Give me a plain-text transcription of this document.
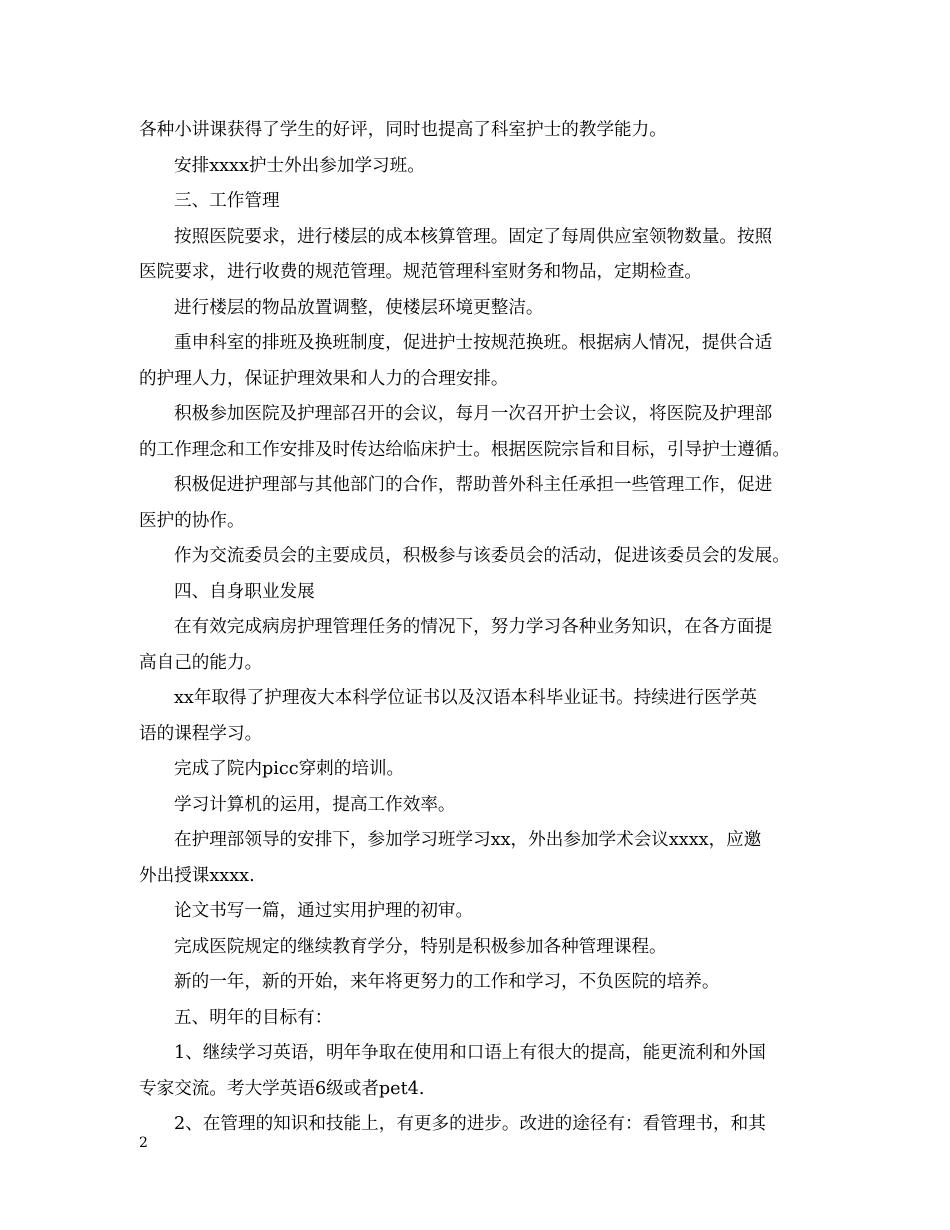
各种小讲课获得了学生的好评，同时也提高了科室护士的教学能力。
安排xxxx护士外出参加学习班。
三、工作管理
按照医院要求，进行楼层的成本核算管理。固定了每周供应室领物数量。按照
医院要求，进行收费的规范管理。规范管理科室财务和物品，定期检查。
进行楼层的物品放置调整，使楼层环境更整洁。
重申科室的排班及换班制度，促进护士按规范换班。根据病人情况，提供合适
的护理人力，保证护理效果和人力的合理安排。
积极参加医院及护理部召开的会议，每月一次召开护士会议，将医院及护理部
的工作理念和工作安排及时传达给临床护士。根据医院宗旨和目标，引导护士遵循。
积极促进护理部与其他部门的合作，帮助普外科主任承担一些管理工作，促进
医护的协作。
作为交流委员会的主要成员，积极参与该委员会的活动，促进该委员会的发展。
四、自身职业发展
在有效完成病房护理管理任务的情况下，努力学习各种业务知识，在各方面提
高自己的能力。
xx年取得了护理夜大本科学位证书以及汉语本科毕业证书。持续进行医学英
语的课程学习。
完成了院内picc穿刺的培训。
学习计算机的运用，提高工作效率。
在护理部领导的安排下，参加学习班学习xx，外出参加学术会议xxxx，应邀
外出授课xxxx.
论文书写一篇，通过实用护理的初审。
完成医院规定的继续教育学分，特别是积极参加各种管理课程。
新的一年，新的开始，来年将更努力的工作和学习，不负医院的培养。
五、明年的目标有：
1、继续学习英语，明年争取在使用和口语上有很大的提高，能更流利和外国
专家交流。考大学英语6级或者pet4.
2、在管理的知识和技能上，有更多的进步。改进的途径有：看管理书，和其
2
